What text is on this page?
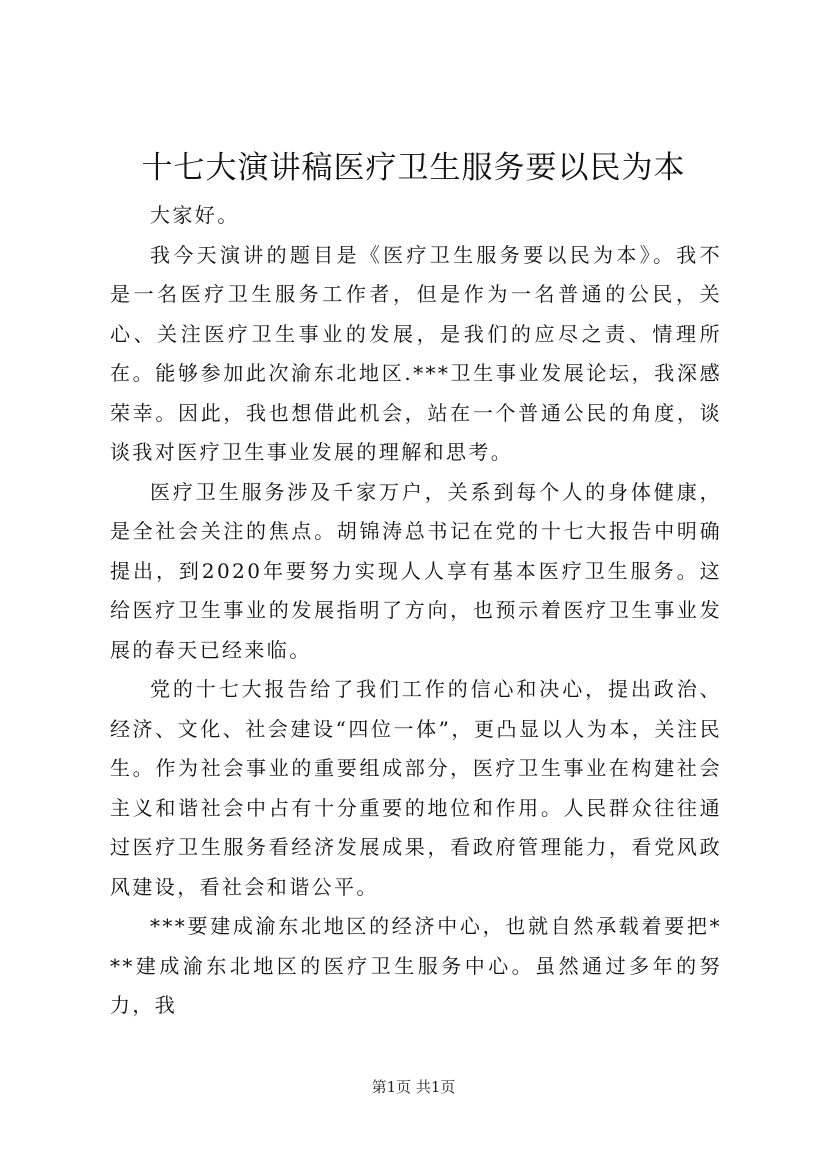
十七大演讲稿医疗卫生服务要以民为本

大家好。

我今天演讲的题目是《医疗卫生服务要以民为本》。我不是一名医疗卫生服务工作者，但是作为一名普通的公民，关心、关注医疗卫生事业的发展，是我们的应尽之责、情理所在。能够参加此次渝东北地区.***卫生事业发展论坛，我深感荣幸。因此，我也想借此机会，站在一个普通公民的角度，谈谈我对医疗卫生事业发展的理解和思考。

医疗卫生服务涉及千家万户，关系到每个人的身体健康，是全社会关注的焦点。胡锦涛总书记在党的十七大报告中明确提出，到2020年要努力实现人人享有基本医疗卫生服务。这给医疗卫生事业的发展指明了方向，也预示着医疗卫生事业发展的春天已经来临。

党的十七大报告给了我们工作的信心和决心，提出政治、经济、文化、社会建设“四位一体”，更凸显以人为本，关注民生。作为社会事业的重要组成部分，医疗卫生事业在构建社会主义和谐社会中占有十分重要的地位和作用。人民群众往往通过医疗卫生服务看经济发展成果，看政府管理能力，看党风政风建设，看社会和谐公平。

***要建成渝东北地区的经济中心，也就自然承载着要把***建成渝东北地区的医疗卫生服务中心。虽然通过多年的努力，我

第1页 共1页
